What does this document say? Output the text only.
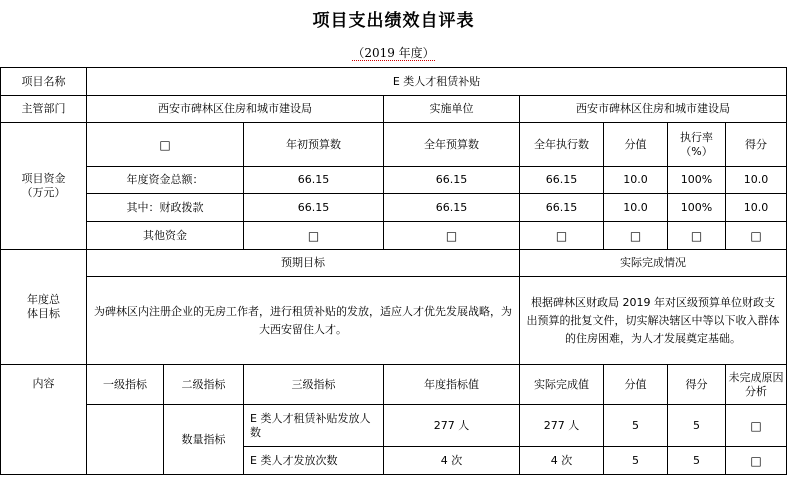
项目支出绩效自评表
（2019 年度）
项目名称	E 类人才租赁补贴							
主管部门	西安市碑林区住房和城市建设局			实施单位	西安市碑林区住房和城市建设局			
项目资金（万元）	□		年初预算数	全年预算数	全年执行数	分值	执行率（%）	得分
	年度资金总额：		66.15	66.15	66.15	10.0	100%	10.0
	其中：财政拨款		66.15	66.15	66.15	10.0	100%	10.0
	其他资金		□	□	□	□	□	□
年度总体目标	预期目标				实际完成情况			
	为碑林区内注册企业的无房工作者，进行租赁补贴的发放，适应人才优先发展战略，为大西安留住人才。				根据碑林区财政局 2019 年对区级预算单位财政支出预算的批复文件，切实解决辖区中等以下收入群体的住房困难，为人才发展奠定基础。			
内容	一级指标	二级指标	三级指标	年度指标值	实际完成值	分值	得分	未完成原因分析
		数量指标	E 类人才租赁补贴发放人数	277 人	277 人	5	5	□
			E 类人才发放次数	4 次	4 次	5	5	□
